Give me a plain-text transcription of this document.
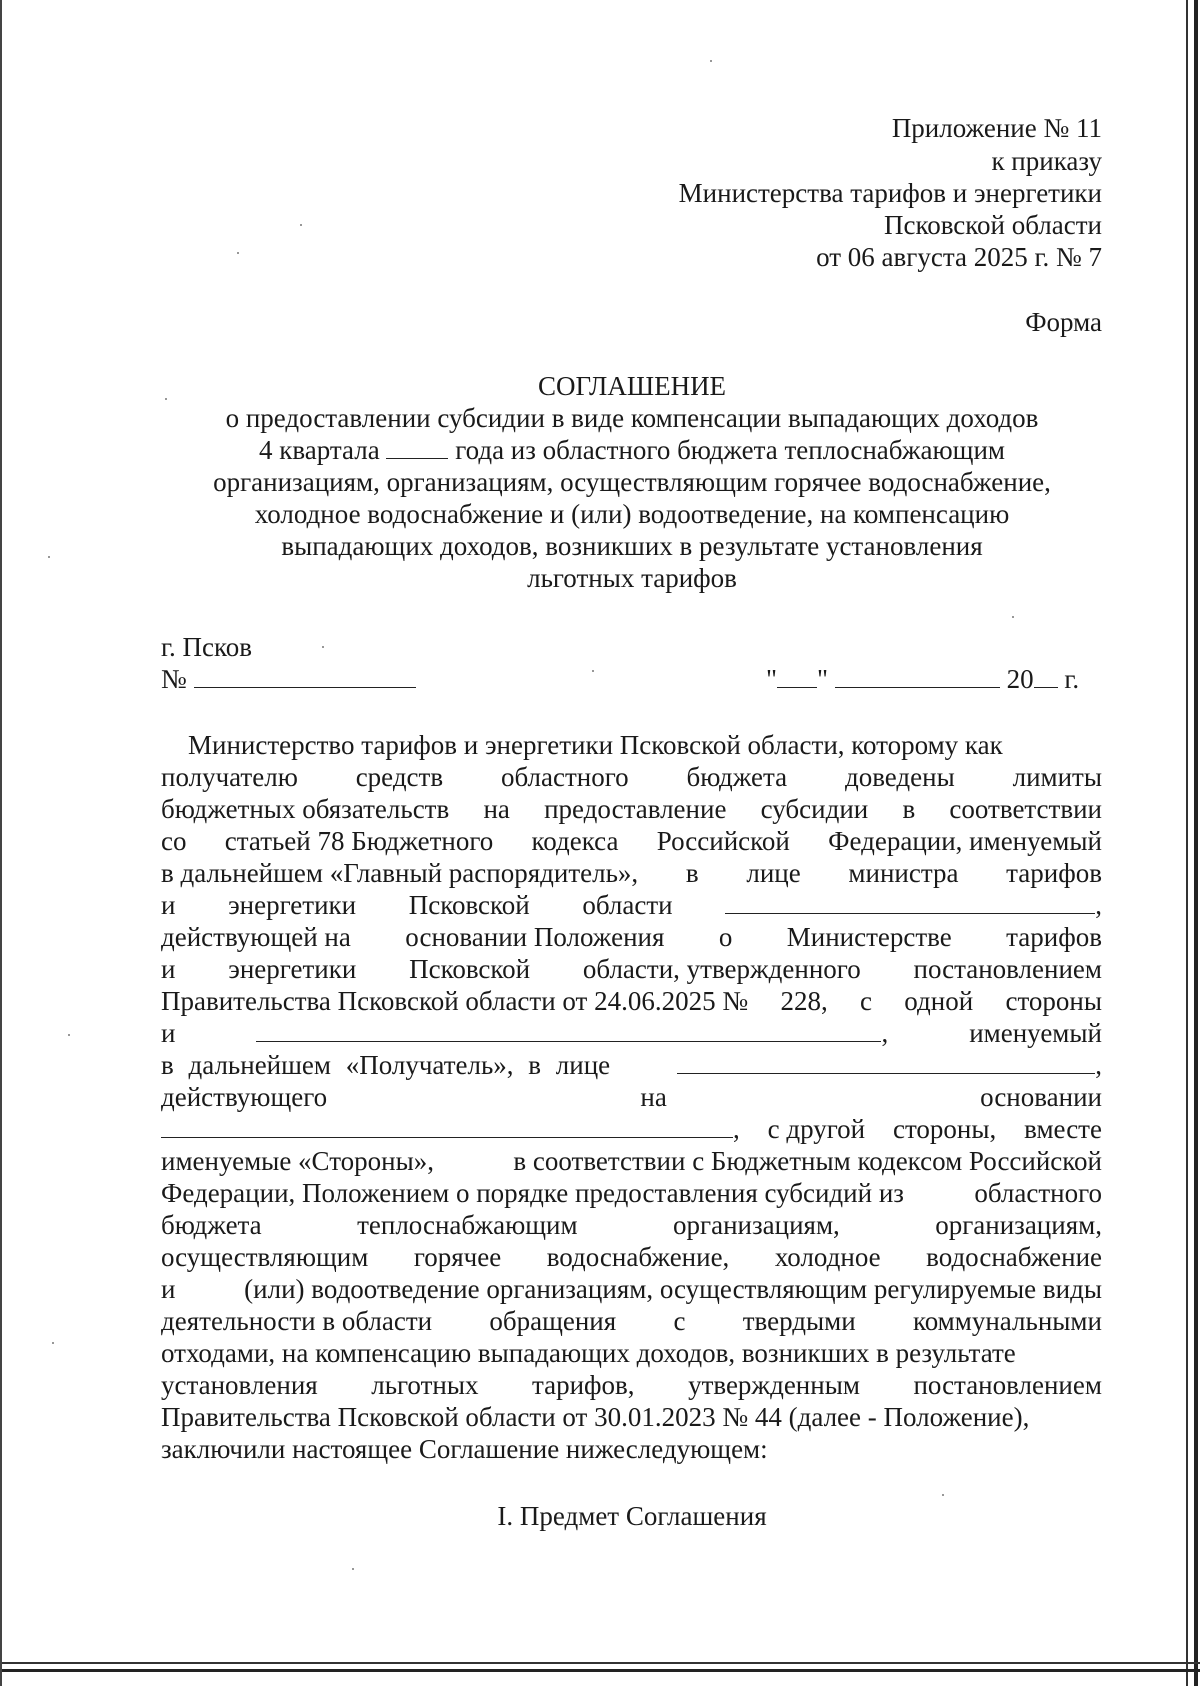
Приложение № 11
к приказу
Министерства тарифов и энергетики
Псковской области
от 06 августа 2025 г. № 7
Форма
СОГЛАШЕНИЕ
о предоставлении субсидии в виде компенсации выпадающих доходов
4 квартала	года из областного бюджета теплоснабжающим
организациям, организациям, осуществляющим горячее водоснабжение,
холодное водоснабжение и (или) водоотведение, на компенсацию
выпадающих доходов, возникших в результате установления
льготных тарифов
г. Псков
№	" "	20 г.
Министерство тарифов и энергетики Псковской области, которому как
получателю средств областного бюджета доведены лимиты
бюджетных обязательств на предоставление субсидии в соответствии
со статьей 78 Бюджетного кодекса Российской Федерации, именуемый
в дальнейшем «Главный распорядитель», в лице министра тарифов
и энергетики Псковской области	,
действующей на основании Положения о Министерстве тарифов
и энергетики Псковской области, утвержденного постановлением
Правительства Псковской области от 24.06.2025 № 228, с одной стороны
и	,	именуемый
в дальнейшем «Получатель», в лице	,
действующего	на	основании
, с другой стороны, вместе
именуемые «Стороны»,	в соответствии с Бюджетным кодексом Российской
Федерации, Положением о порядке предоставления субсидий из	областного
бюджета	теплоснабжающим	организациям,	организациям,
осуществляющим горячее водоснабжение, холодное водоснабжение
и	(или) водоотведение организациям, осуществляющим регулируемые виды
деятельности в области обращения с твердыми коммунальными
отходами, на компенсацию выпадающих доходов, возникших в результате
установления льготных тарифов, утвержденным постановлением
Правительства Псковской области от 30.01.2023 № 44 (далее - Положение),
заключили настоящее Соглашение нижеследующем:
I. Предмет Соглашения
